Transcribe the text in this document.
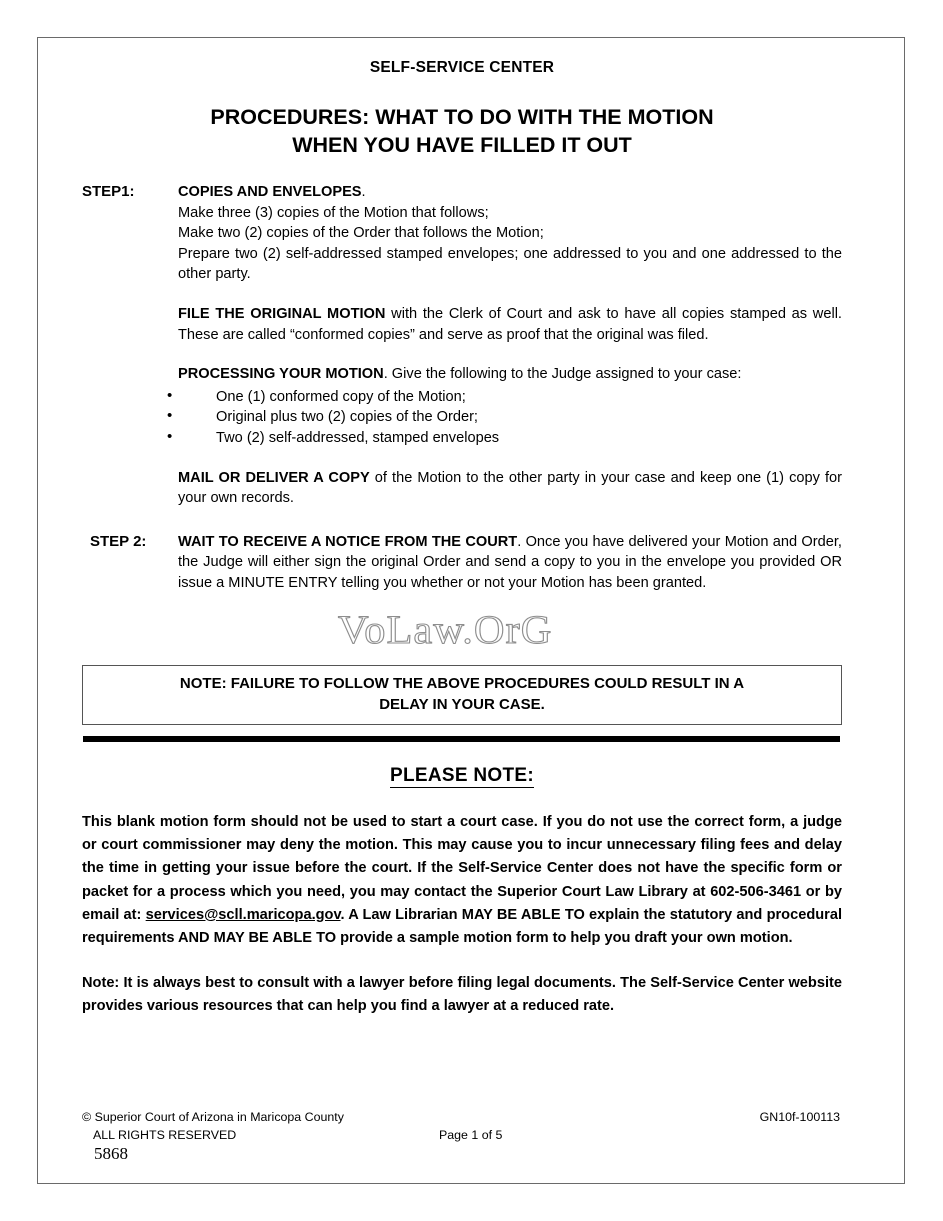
SELF-SERVICE CENTER
PROCEDURES: WHAT TO DO WITH THE MOTION
WHEN YOU HAVE FILLED IT OUT
STEP1:	COPIES AND ENVELOPES.
Make three (3) copies of the Motion that follows;
Make two (2) copies of the Order that follows the Motion;
Prepare two (2) self-addressed stamped envelopes; one addressed to you and one addressed to the other party.
FILE THE ORIGINAL MOTION with the Clerk of Court and ask to have all copies stamped as well. These are called “conformed copies” and serve as proof that the original was filed.
PROCESSING YOUR MOTION. Give the following to the Judge assigned to your case:
•	One (1) conformed copy of the Motion;
•	Original plus two (2) copies of the Order;
•	Two (2) self-addressed, stamped envelopes
MAIL OR DELIVER A COPY of the Motion to the other party in your case and keep one (1) copy for your own records.
STEP 2: WAIT TO RECEIVE A NOTICE FROM THE COURT. Once you have delivered your Motion and Order, the Judge will either sign the original Order and send a copy to you in the envelope you provided OR issue a MINUTE ENTRY telling you whether or not your Motion has been granted.
VoLaw.OrG
NOTE: FAILURE TO FOLLOW THE ABOVE PROCEDURES COULD RESULT IN A
DELAY IN YOUR CASE.
PLEASE NOTE:
This blank motion form should not be used to start a court case. If you do not use the correct form, a judge or court commissioner may deny the motion. This may cause you to incur unnecessary filing fees and delay the time in getting your issue before the court. If the Self-Service Center does not have the specific form or packet for a process which you need, you may contact the Superior Court Law Library at 602-506-3461 or by email at: services@scll.maricopa.gov. A Law Librarian MAY BE ABLE TO explain the statutory and procedural requirements AND MAY BE ABLE TO provide a sample motion form to help you draft your own motion.
Note: It is always best to consult with a lawyer before filing legal documents. The Self-Service Center website provides various resources that can help you find a lawyer at a reduced rate.
© Superior Court of Arizona in Maricopa County	GN10f-100113
ALL RIGHTS RESERVED	Page 1 of 5
5868
